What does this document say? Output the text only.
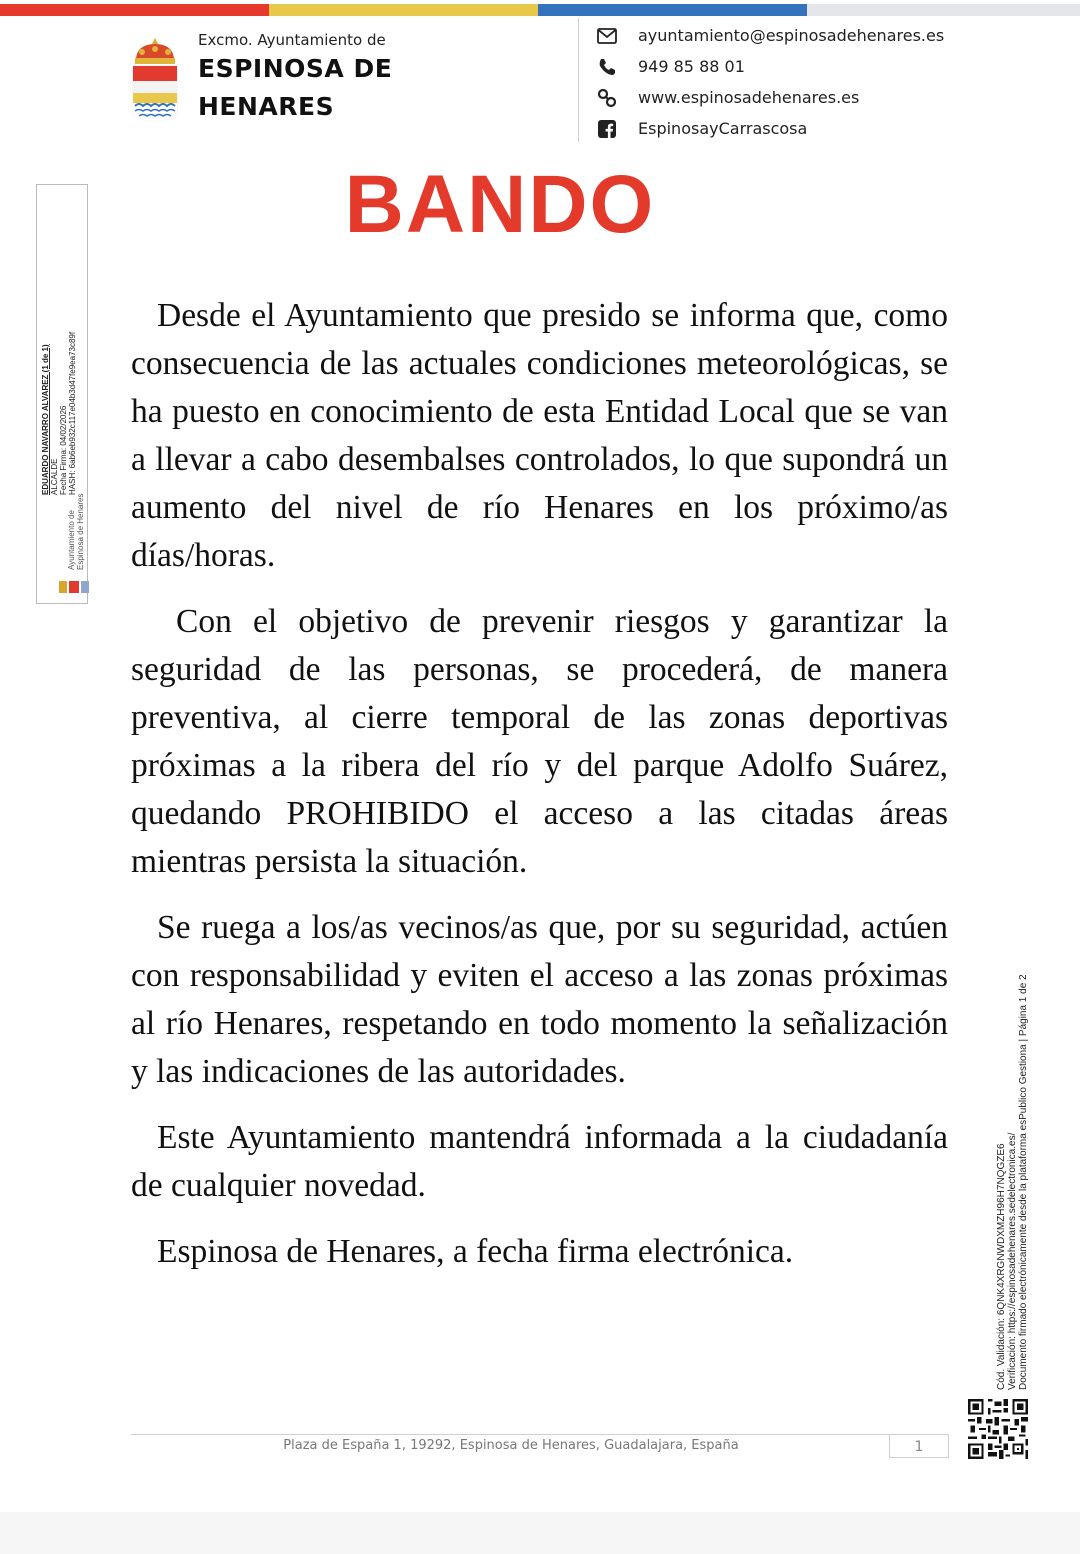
Excmo. Ayuntamiento de
ESPINOSA DE
HENARES
ayuntamiento@espinosadehenares.es
949 85 88 01
www.espinosadehenares.es
EspinosayCarrascosa
BANDO
EDUARDO NAVARRO ALVAREZ (1 de 1) ALCALDE Fecha Firma: 04/02/2026 HASH: 6ab6eb932c117e04b3d47fe9ea73c89f
Ayuntamiento de Espinosa de Henares

Desde el Ayuntamiento que presido se informa que, como consecuencia de las actuales condiciones meteorológicas, se ha puesto en conocimiento de esta Entidad Local que se van a llevar a cabo desembalses controlados, lo que supondrá un aumento del nivel de río Henares en los próximo/as días/horas.

Con el objetivo de prevenir riesgos y garantizar la seguridad de las personas, se procederá, de manera preventiva, al cierre temporal de las zonas deportivas próximas a la ribera del río y del parque Adolfo Suárez, quedando PROHIBIDO el acceso a las citadas áreas mientras persista la situación.

Se ruega a los/as vecinos/as que, por su seguridad, actúen con responsabilidad y eviten el acceso a las zonas próximas al río Henares, respetando en todo momento la señalización y las indicaciones de las autoridades.

Este Ayuntamiento mantendrá informada a la ciudadanía de cualquier novedad.

Espinosa de Henares, a fecha firma electrónica.	Cód. Validación: 6QNK4XRGNWDXMZH96H7NQGZE6 Verificación: https://espinosadehenares.sedelectronica.es/ Documento firmado electrónicamente desde la plataforma esPublico Gestiona | Página 1 de 2
Plaza de España 1, 19292, Espinosa de Henares, Guadalajara, España	1
